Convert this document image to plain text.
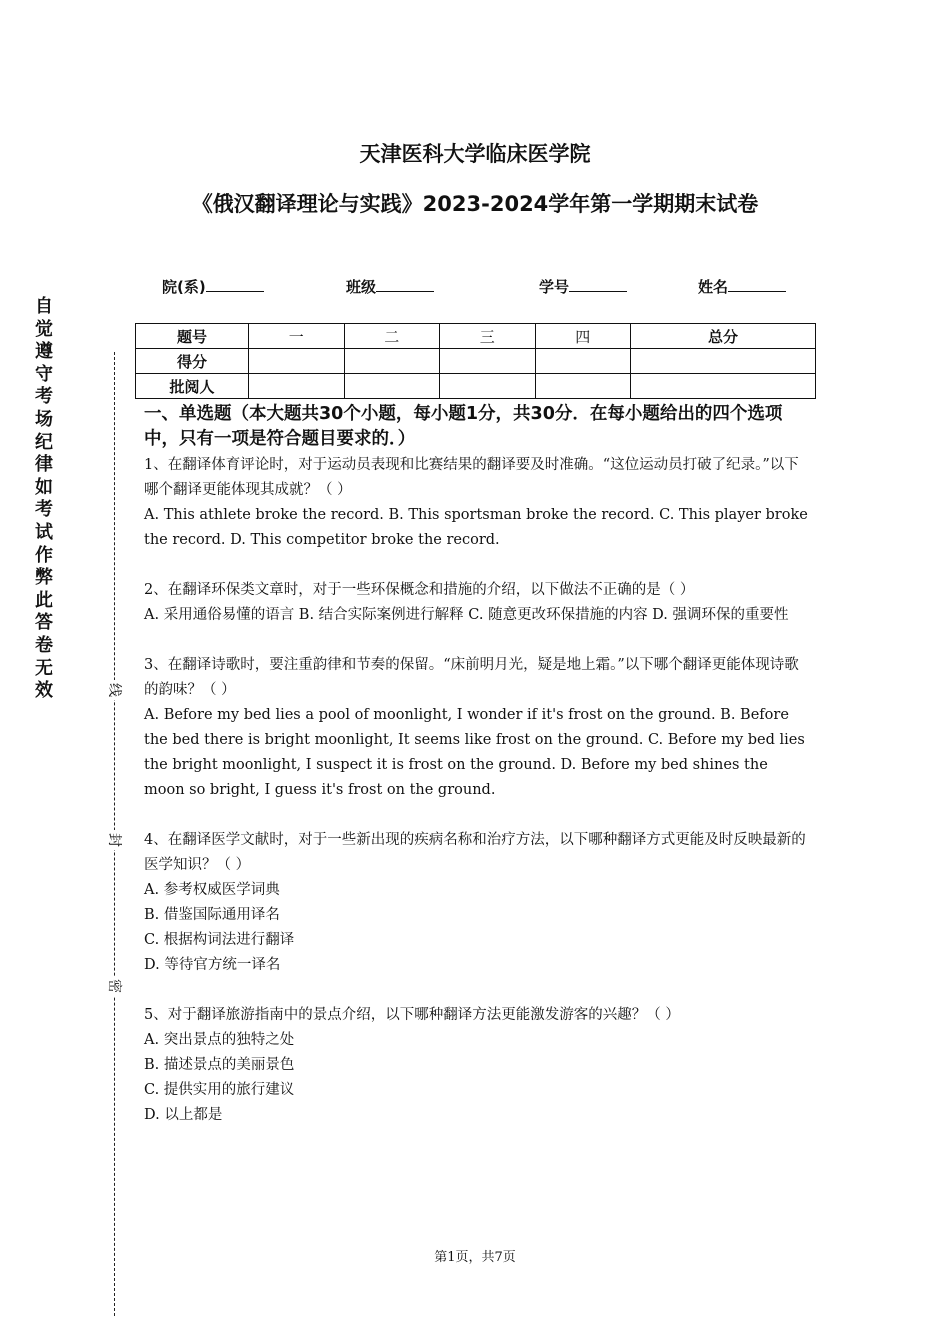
天津医科大学临床医学院
《俄汉翻译理论与实践》2023-2024学年第一学期期末试卷
院(系)	班级	学号	姓名
题号	一	二	三	四	总分
得分					
批阅人					
自觉遵守考场纪律如考试作弊此答卷无效	线
封
密
一、单选题（本大题共30个小题，每小题1分，共30分．在每小题给出的四个选项中，只有一项是符合题目要求的．）

1、在翻译体育评论时，对于运动员表现和比赛结果的翻译要及时准确。“这位运动员打破了纪录。”以下哪个翻译更能体现其成就？（ ）

A. This athlete broke the record. B. This sportsman broke the record. C. This player broke the record. D. This competitor broke the record.

2、在翻译环保类文章时，对于一些环保概念和措施的介绍，以下做法不正确的是（ ）

A. 采用通俗易懂的语言 B. 结合实际案例进行解释 C. 随意更改环保措施的内容 D. 强调环保的重要性

3、在翻译诗歌时，要注重韵律和节奏的保留。“床前明月光，疑是地上霜。”以下哪个翻译更能体现诗歌的韵味？（ ）

A. Before my bed lies a pool of moonlight, I wonder if it's frost on the ground. B. Before the bed there is bright moonlight, It seems like frost on the ground. C. Before my bed lies the bright moonlight, I suspect it is frost on the ground. D. Before my bed shines the moon so bright, I guess it's frost on the ground.

4、在翻译医学文献时，对于一些新出现的疾病名称和治疗方法，以下哪种翻译方式更能及时反映最新的医学知识？（ ）

A. 参考权威医学词典

B. 借鉴国际通用译名

C. 根据构词法进行翻译

D. 等待官方统一译名

5、对于翻译旅游指南中的景点介绍，以下哪种翻译方法更能激发游客的兴趣？（ ）

A. 突出景点的独特之处

B. 描述景点的美丽景色

C. 提供实用的旅行建议

D. 以上都是

第1页，共7页
